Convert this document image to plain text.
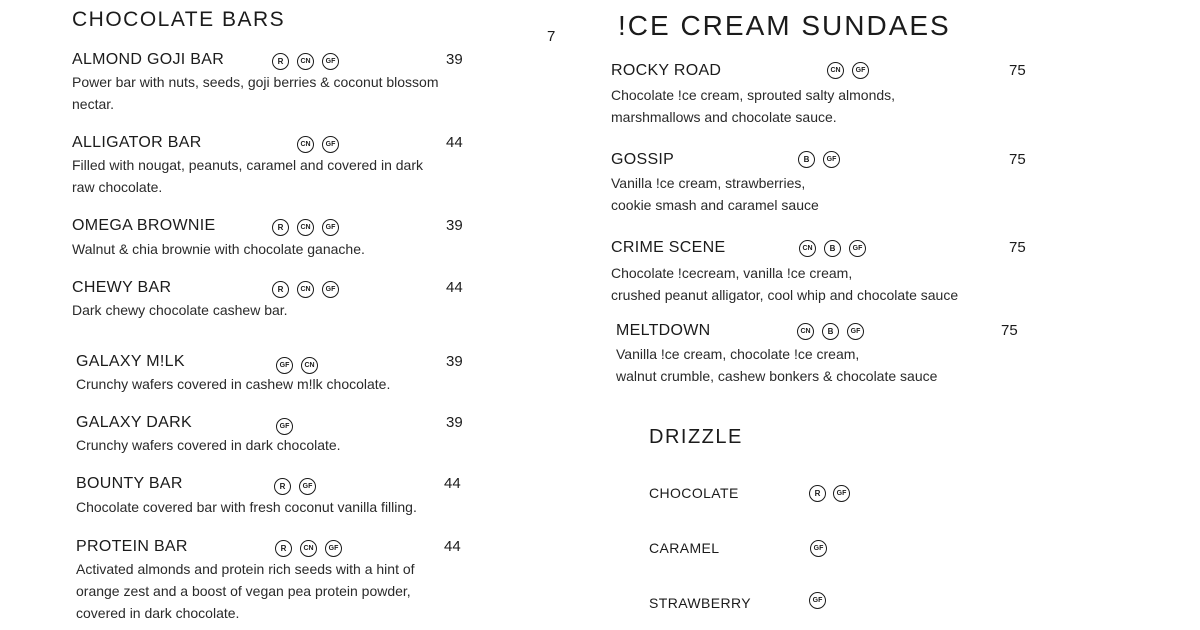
CHOCOLATE BARS
ALMOND GOJI BAR	R	CN	GF	39

Power bar with nuts, seeds, goji berries & coconut blossom
nectar.

ALLIGATOR BAR	CN	GF	44

Filled with nougat, peanuts, caramel and covered in dark
raw chocolate.

OMEGA BROWNIE	R	CN	GF	39

Walnut & chia brownie with chocolate ganache.

CHEWY BAR	R	CN	GF	44

Dark chewy chocolate cashew bar.

GALAXY M!LK	GF	CN	39

Crunchy wafers covered in cashew m!lk chocolate.

GALAXY DARK	GF	39

Crunchy wafers covered in dark chocolate.

BOUNTY BAR	R	GF	44

Chocolate covered bar with fresh coconut vanilla filling.

PROTEIN BAR	R	CN	GF	44

Activated almonds and protein rich seeds with a hint of
orange zest and a boost of vegan pea protein powder,
covered in dark chocolate.

7 !CE CREAM SUNDAES
ROCKY ROAD	CN	GF	75

Chocolate !ce cream, sprouted salty almonds,
marshmallows and chocolate sauce.

GOSSIP	B	GF	75

Vanilla !ce cream, strawberries,
cookie smash and caramel sauce

CRIME SCENE	CN	B	GF	75

Chocolate !cecream, vanilla !ce cream,
crushed peanut alligator, cool whip and chocolate sauce

MELTDOWN	CN	B	GF	75

Vanilla !ce cream, chocolate !ce cream,
walnut crumble, cashew bonkers & chocolate sauce

DRIZZLE
CHOCOLATE	R	GF
CARAMEL	GF
STRAWBERRY	GF
